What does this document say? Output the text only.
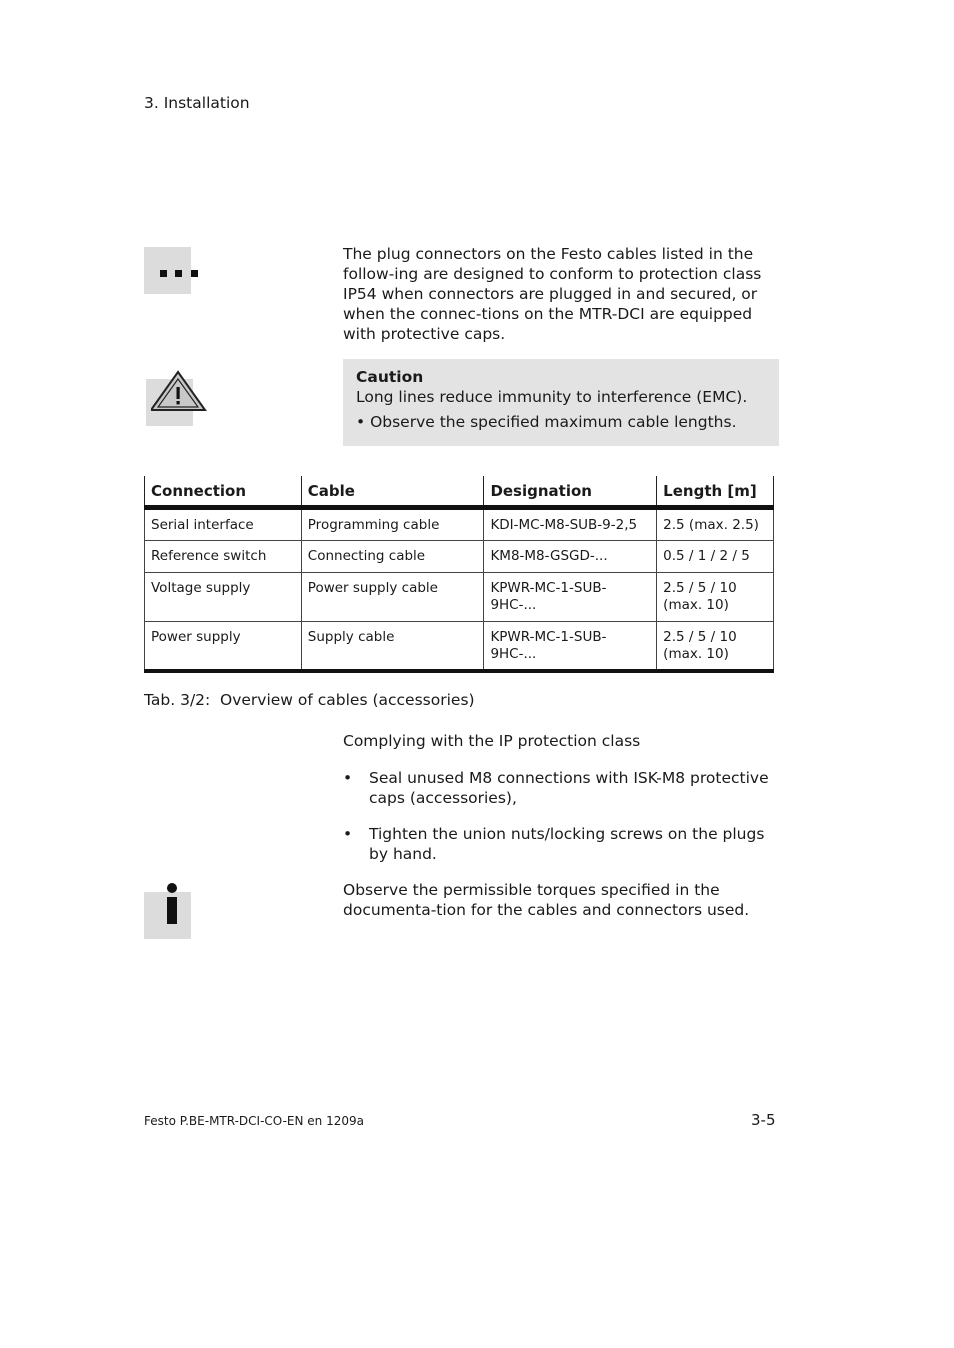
3. Installation
The plug connectors on the Festo cables listed in the follow-ing are designed to conform to protection class IP54 when connectors are plugged in and secured, or when the connec-tions on the MTR-DCI are equipped with protective caps.
Caution
Long lines reduce immunity to interference (EMC).
• Observe the specified maximum cable lengths.
Connection	Cable	Designation	Length [m]
Serial interface	Programming cable	KDI-MC-M8-SUB-9-2,5	2.5 (max. 2.5)
Reference switch	Connecting cable	KM8-M8-GSGD-...	0.5 / 1 / 2 / 5
Voltage supply	Power supply cable	KPWR-MC-1-SUB-9HC-...	2.5 / 5 / 10 (max. 10)
Power supply	Supply cable	KPWR-MC-1-SUB-9HC-...	2.5 / 5 / 10 (max. 10)
Tab. 3/2: Overview of cables (accessories)
Complying with the IP protection class
• Seal unused M8 connections with ISK-M8 protective caps (accessories),
• Tighten the union nuts/locking screws on the plugs by hand.
Observe the permissible torques specified in the documenta-tion for the cables and connectors used.
Festo P.BE-MTR-DCI-CO-EN en 1209a	3-5
